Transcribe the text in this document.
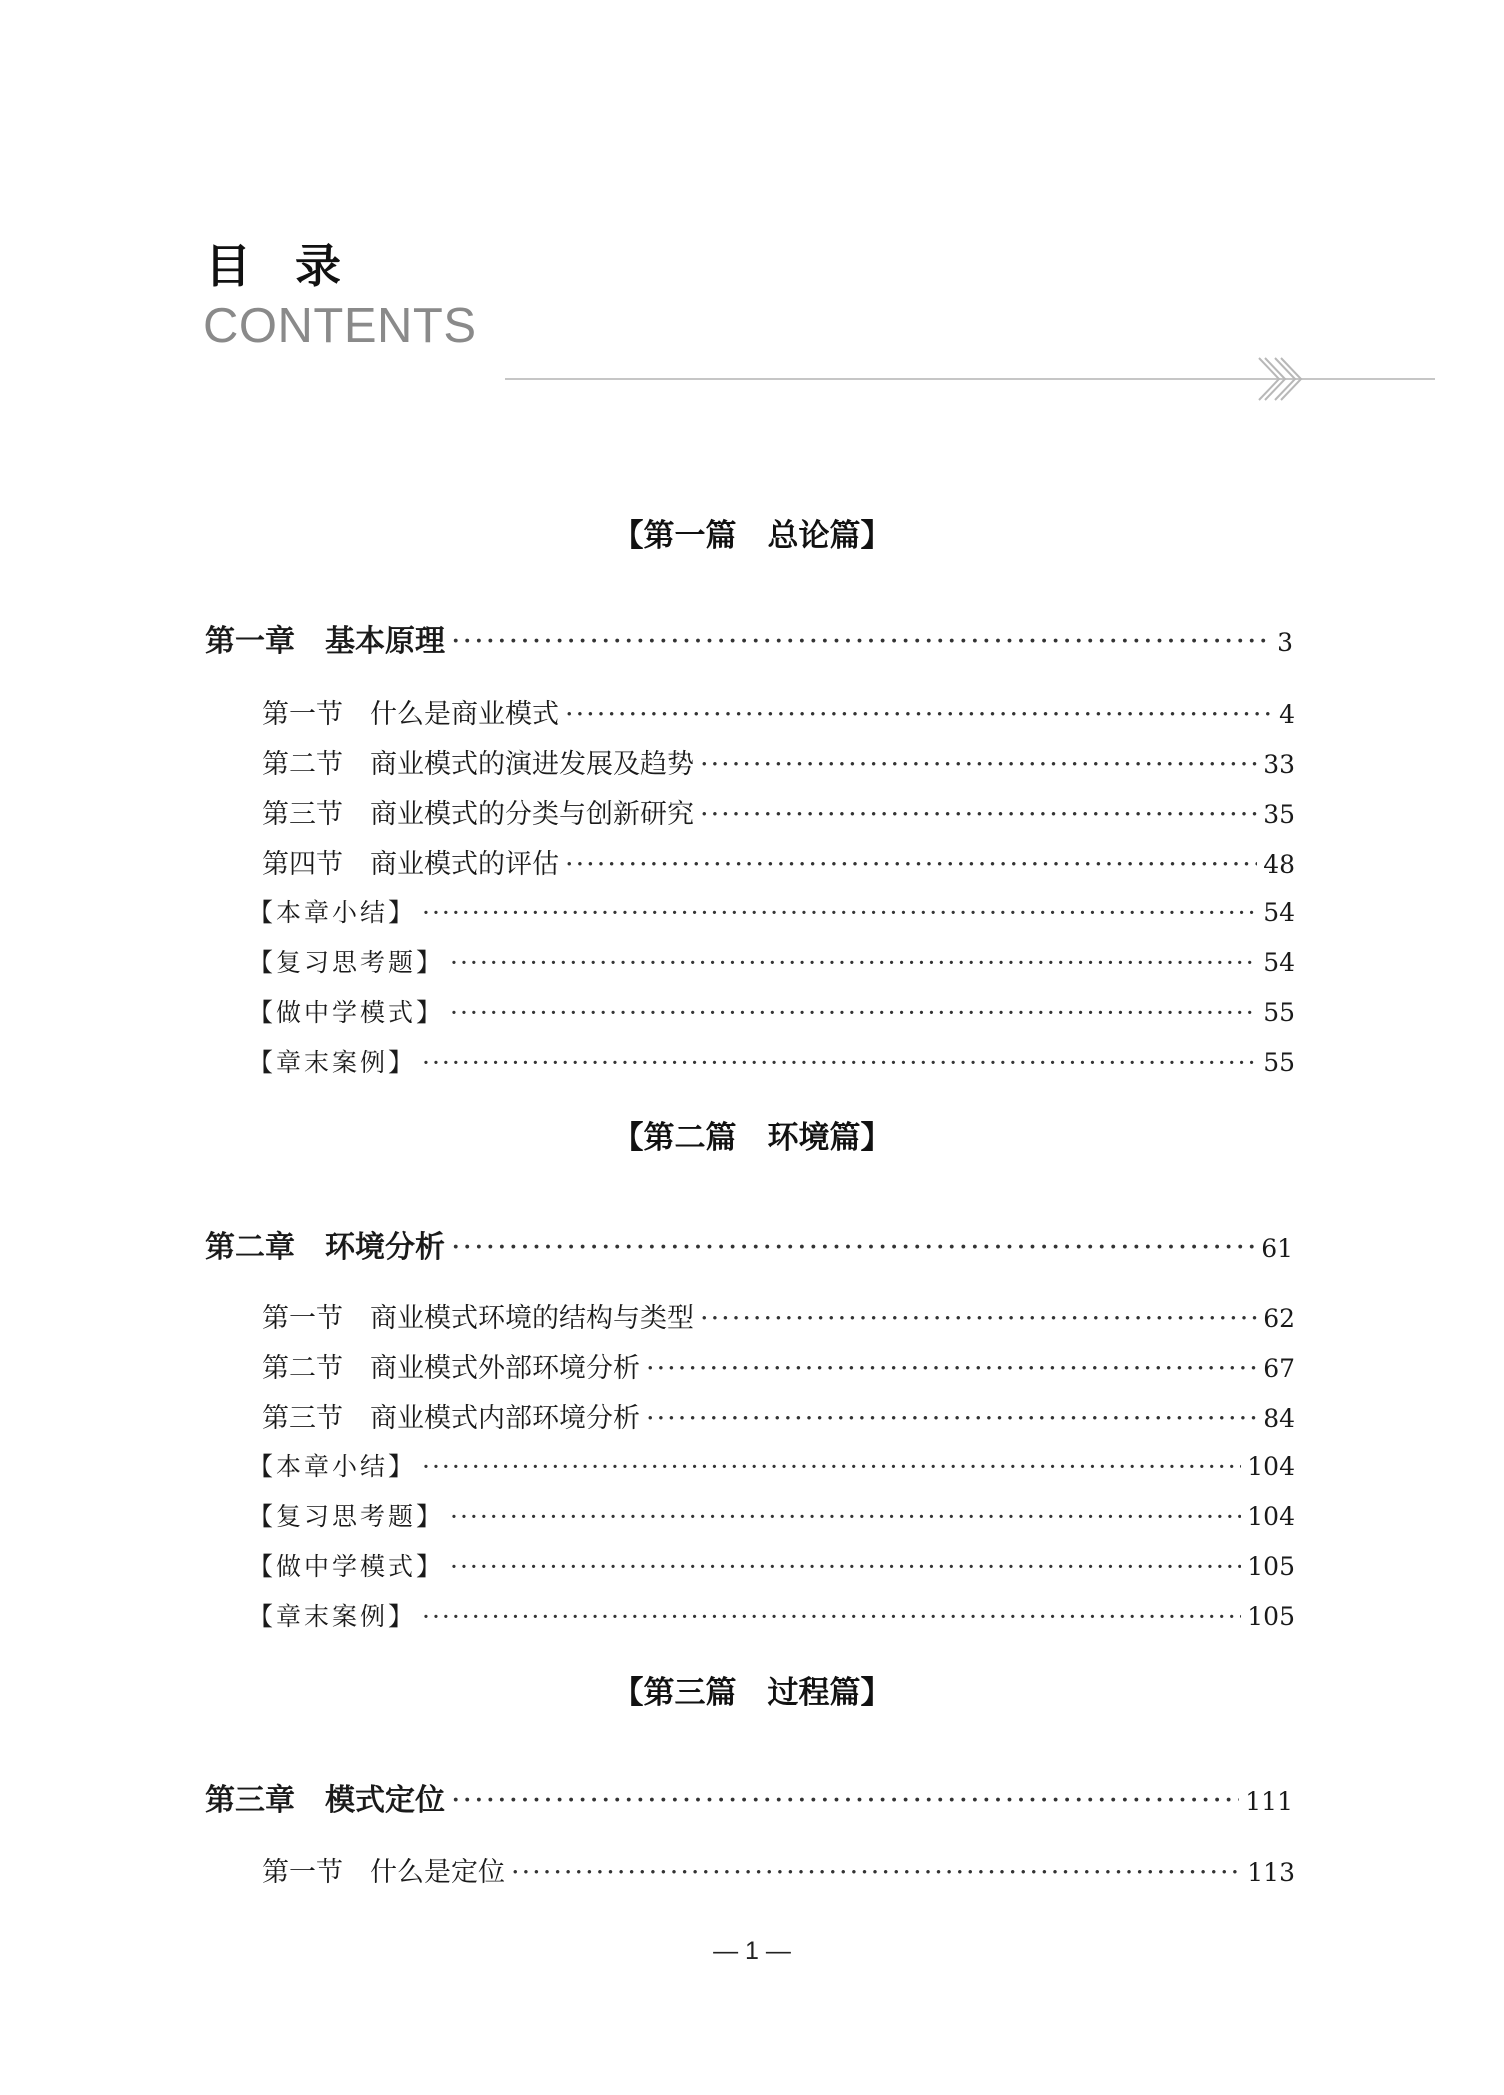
目 录
CONTENTS
【第一篇　总论篇】
第一章　基本原理 ·····	3
第一节　什么是商业模式 ·····	4
第二节　商业模式的演进发展及趋势 ·····	33
第三节　商业模式的分类与创新研究 ·····	35
第四节　商业模式的评估 ·····	48
【本章小结】 ·····	54
【复习思考题】 ·····	54
【做中学模式】 ·····	55
【章末案例】 ·····	55
【第二篇　环境篇】
第二章　环境分析 ·····	61
第一节　商业模式环境的结构与类型 ·····	62
第二节　商业模式外部环境分析 ·····	67
第三节　商业模式内部环境分析 ·····	84
【本章小结】 ·····	104
【复习思考题】 ·····	104
【做中学模式】 ·····	105
【章末案例】 ·····	105
【第三篇　过程篇】
第三章　模式定位 ·····	111
第一节　什么是定位 ·····	113
— 1 —
